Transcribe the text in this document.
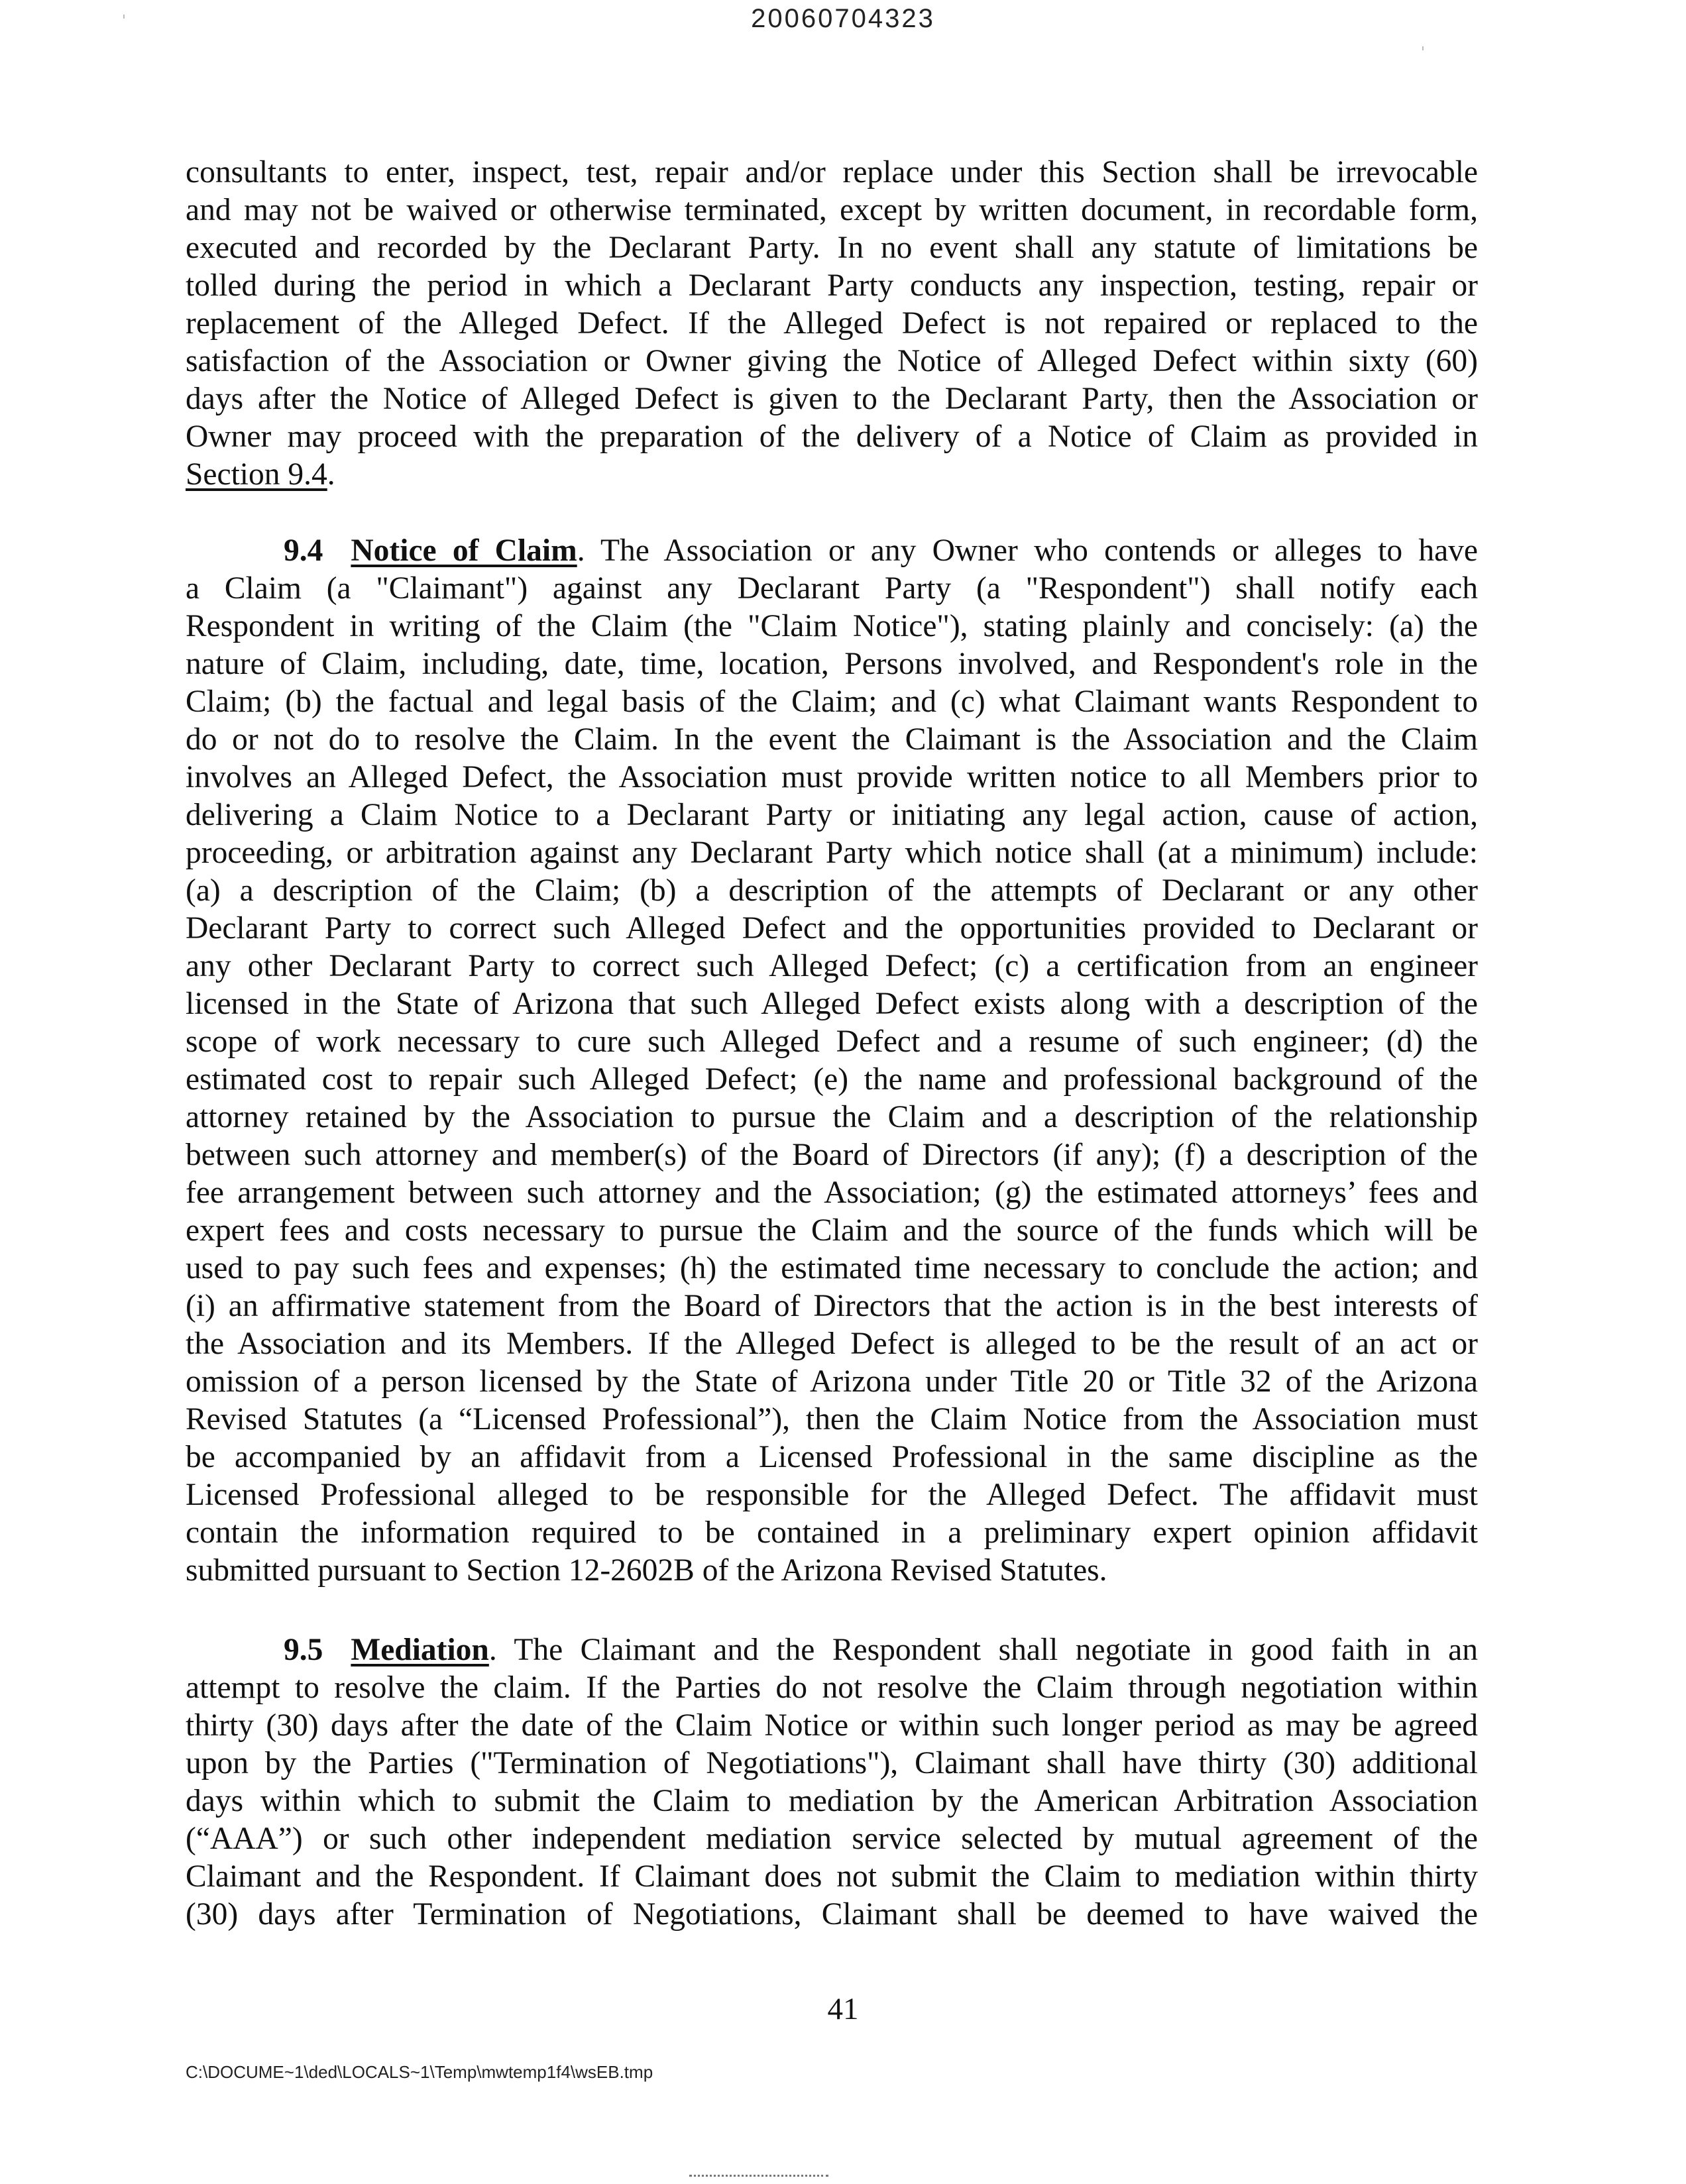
20060704323
consultants to enter, inspect, test, repair and/or replace under this Section shall be irrevocable
and may not be waived or otherwise terminated, except by written document, in recordable form,
executed and recorded by the Declarant Party. In no event shall any statute of limitations be
tolled during the period in which a Declarant Party conducts any inspection, testing, repair or
replacement of the Alleged Defect. If the Alleged Defect is not repaired or replaced to the
satisfaction of the Association or Owner giving the Notice of Alleged Defect within sixty (60)
days after the Notice of Alleged Defect is given to the Declarant Party, then the Association or
Owner may proceed with the preparation of the delivery of a Notice of Claim as provided in
Section 9.4.
9.4 Notice of Claim. The Association or any Owner who contends or alleges to have
a Claim (a "Claimant") against any Declarant Party (a "Respondent") shall notify each
Respondent in writing of the Claim (the "Claim Notice"), stating plainly and concisely: (a) the
nature of Claim, including, date, time, location, Persons involved, and Respondent's role in the
Claim; (b) the factual and legal basis of the Claim; and (c) what Claimant wants Respondent to
do or not do to resolve the Claim. In the event the Claimant is the Association and the Claim
involves an Alleged Defect, the Association must provide written notice to all Members prior to
delivering a Claim Notice to a Declarant Party or initiating any legal action, cause of action,
proceeding, or arbitration against any Declarant Party which notice shall (at a minimum) include:
(a) a description of the Claim; (b) a description of the attempts of Declarant or any other
Declarant Party to correct such Alleged Defect and the opportunities provided to Declarant or
any other Declarant Party to correct such Alleged Defect; (c) a certification from an engineer
licensed in the State of Arizona that such Alleged Defect exists along with a description of the
scope of work necessary to cure such Alleged Defect and a resume of such engineer; (d) the
estimated cost to repair such Alleged Defect; (e) the name and professional background of the
attorney retained by the Association to pursue the Claim and a description of the relationship
between such attorney and member(s) of the Board of Directors (if any); (f) a description of the
fee arrangement between such attorney and the Association; (g) the estimated attorneys’ fees and
expert fees and costs necessary to pursue the Claim and the source of the funds which will be
used to pay such fees and expenses; (h) the estimated time necessary to conclude the action; and
(i) an affirmative statement from the Board of Directors that the action is in the best interests of
the Association and its Members. If the Alleged Defect is alleged to be the result of an act or
omission of a person licensed by the State of Arizona under Title 20 or Title 32 of the Arizona
Revised Statutes (a “Licensed Professional”), then the Claim Notice from the Association must
be accompanied by an affidavit from a Licensed Professional in the same discipline as the
Licensed Professional alleged to be responsible for the Alleged Defect. The affidavit must
contain the information required to be contained in a preliminary expert opinion affidavit
submitted pursuant to Section 12-2602B of the Arizona Revised Statutes.
9.5 Mediation. The Claimant and the Respondent shall negotiate in good faith in an
attempt to resolve the claim. If the Parties do not resolve the Claim through negotiation within
thirty (30) days after the date of the Claim Notice or within such longer period as may be agreed
upon by the Parties ("Termination of Negotiations"), Claimant shall have thirty (30) additional
days within which to submit the Claim to mediation by the American Arbitration Association
(“AAA”) or such other independent mediation service selected by mutual agreement of the
Claimant and the Respondent. If Claimant does not submit the Claim to mediation within thirty
(30) days after Termination of Negotiations, Claimant shall be deemed to have waived the
41
C:\DOCUME~1\ded\LOCALS~1\Temp\mwtemp1f4\wsEB.tmp
